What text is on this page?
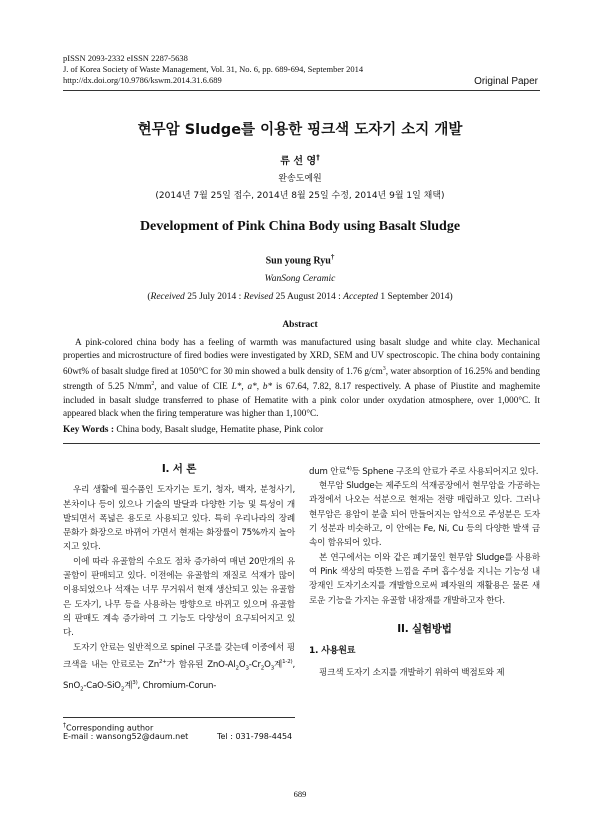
pISSN 2093-2332 eISSN 2287-5638
J. of Korea Society of Waste Management, Vol. 31, No. 6, pp. 689-694, September 2014
http://dx.doi.org/10.9786/kswm.2014.31.6.689	Original Paper
현무암 Sludge를 이용한 핑크색 도자기 소지 개발
류 선 영†
완송도예원
(2014년 7월 25일 접수, 2014년 8월 25일 수정, 2014년 9월 1일 채택)
Development of Pink China Body using Basalt Sludge
Sun young Ryu†
WanSong Ceramic
(Received 25 July 2014 : Revised 25 August 2014 : Accepted 1 September 2014)
Abstract

A pink-colored china body has a feeling of warmth was manufactured using basalt sludge and white clay. Mechanical properties and microstructure of fired bodies were investigated by XRD, SEM and UV spectroscopic. The china body containing 60wt% of basalt sludge fired at 1050°C for 30 min showed a bulk density of 1.76 $g/cm^3$, water absorption of 16.25% and bending strength of 5.25 $N/mm^2$, and value of CIE L*, a*, b* is 67.64, 7.82, 8.17 respectively. A phase of Piustite and maghemite included in basalt sludge transferred to phase of Hematite with a pink color under oxydation atmosphere, over 1,000°C. It appeared black when the firing temperature was higher than 1,100°C.

Key Words : China body, Basalt sludge, Hematite phase, Pink color
I. 서 론

우리 생활에 필수품인 도자기는 토기, 청자, 백자, 분청사기, 본차이나 등이 있으나 기술의 발달과 다양한 기능 및 특성이 개발되면서 폭넓은 용도로 사용되고 있다. 특히 우리나라의 장례 문화가 화장으로 바뀌어 가면서 현재는 화장률이 75%까지 높아지고 있다.

이에 따라 유골함의 수요도 점차 증가하여 매년 20만개의 유골함이 판매되고 있다. 이전에는 유골함의 재질로 석재가 많이 이용되었으나 석재는 너무 무거워서 현재 생산되고 있는 유골함은 도자기, 나무 등을 사용하는 방향으로 바뀌고 있으며 유골함의 판매도 계속 증가하여 그 기능도 다양성이 요구되어지고 있다.

도자기 안료는 일반적으로 spinel 구조를 갖는데 이중에서 핑크색을 내는 안료로는 $Zn^{2+}$가 함유된 ZnO-$Al_2O_3-Cr_2O_3$계$^{1-2)}$, SnO$_2$-CaO-SiO$_2$계$^{3)}$, Chromium-Corun-

dum 안료$^{4)}$등 Sphene 구조의 안료가 주로 사용되어지고 있다.

현무암 Sludge는 제주도의 석재공장에서 현무암을 가공하는 과정에서 나오는 석분으로 현재는 전량 매립하고 있다. 그러나 현무암은 용암이 분출 되어 만들어지는 암석으로 주성분은 도자기 성분과 비슷하고, 이 안에는 Fe, Ni, Cu 등의 다양한 발색 금속이 함유되어 있다.

본 연구에서는 이와 같은 폐기물인 현무암 Sludge를 사용하여 Pink 색상의 따뜻한 느낌을 주며 흡수성을 지니는 기능성 내장재인 도자기소지를 개발함으로써 폐자원의 재활용은 물론 새로운 기능을 가지는 유골함 내장재를 개발하고자 한다.

II. 실험방법
1. 사용원료

핑크색 도자기 소지를 개발하기 위하여 백점토와 제

†Corresponding author
E-mail : wansong52@daum.net	Tel : 031-798-4454
689
